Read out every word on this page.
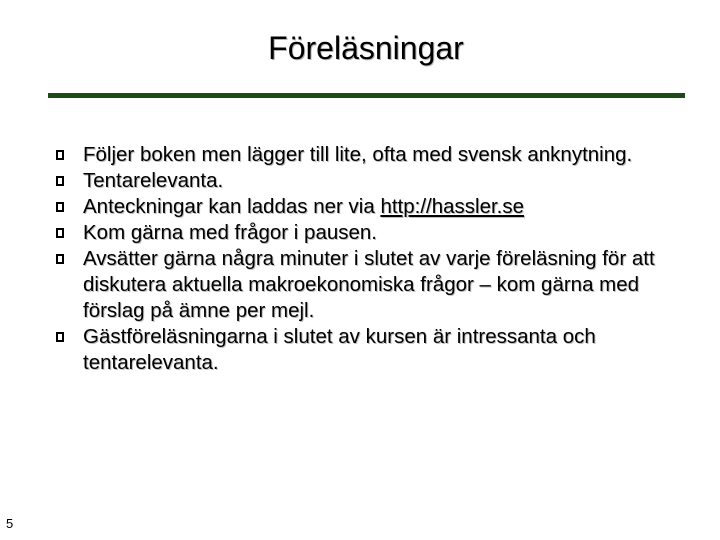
Föreläsningar
Följer boken men lägger till lite, ofta med svensk anknytning.
Tentarelevanta.
Anteckningar kan laddas ner via http://hassler.se
Kom gärna med frågor i pausen.
Avsätter gärna några minuter i slutet av varje föreläsning för att diskutera aktuella makroekonomiska frågor – kom gärna med förslag på ämne per mejl.
Gästföreläsningarna i slutet av kursen är intressanta och tentarelevanta.
5
